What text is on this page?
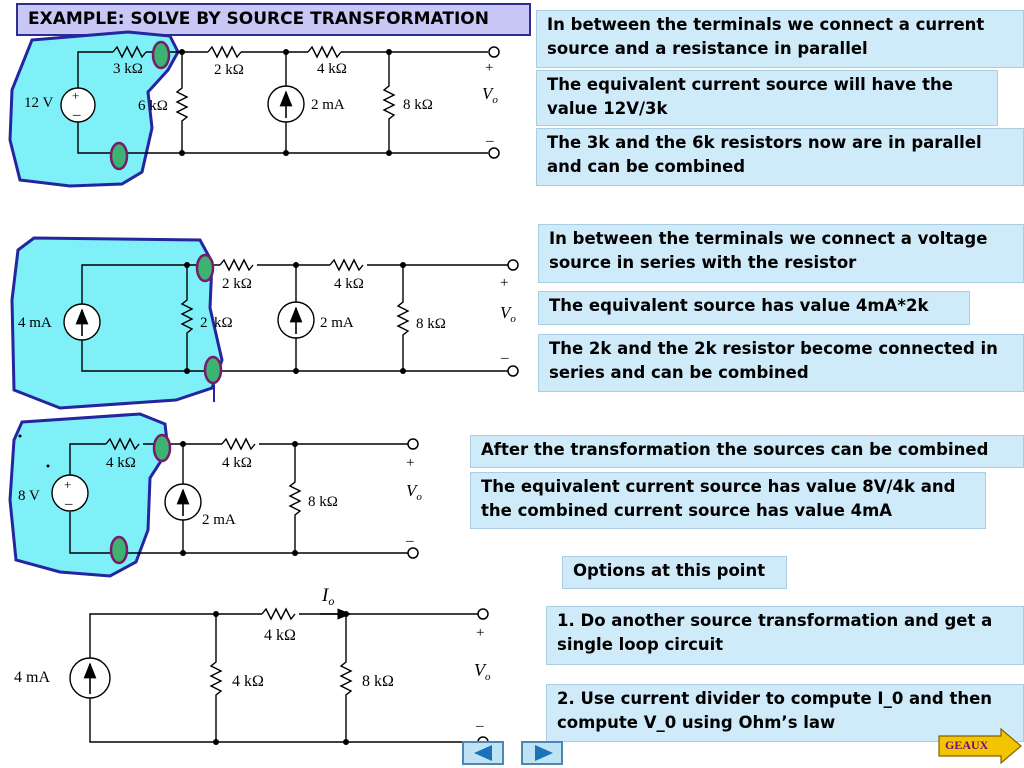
EXAMPLE: SOLVE BY SOURCE TRANSFORMATION
+
–
12 V
3 kΩ
6 kΩ
2 kΩ	4 kΩ
2 mA	8 kΩ
+
–
$V_o$
4 mA	2 kΩ
2 kΩ	4 kΩ
2 mA	8 kΩ
+
–
$V_o$
+
–
8 V
4 kΩ	4 kΩ
2 mA
8 kΩ
+
–
$V_o$
4 mA
4 kΩ
4 kΩ	8 kΩ
$I_o$
+
–
$V_o$
In between the terminals we connect a current source and a resistance in parallel
The equivalent current source will have the value 12V/3k
The 3k and the 6k resistors now are in parallel and can be combined
In between the terminals we connect a voltage source in series with the resistor
The equivalent source has value 4mA*2k
The 2k and the 2k resistor become connected in series and can be combined
After the transformation the sources can be combined
The equivalent current source has value 8V/4k and the combined current source has value 4mA
Options at this point
1. Do another source transformation and get a single loop circuit
2. Use current divider to compute I_0 and then compute V_0 using Ohm’s law
GEAUX
